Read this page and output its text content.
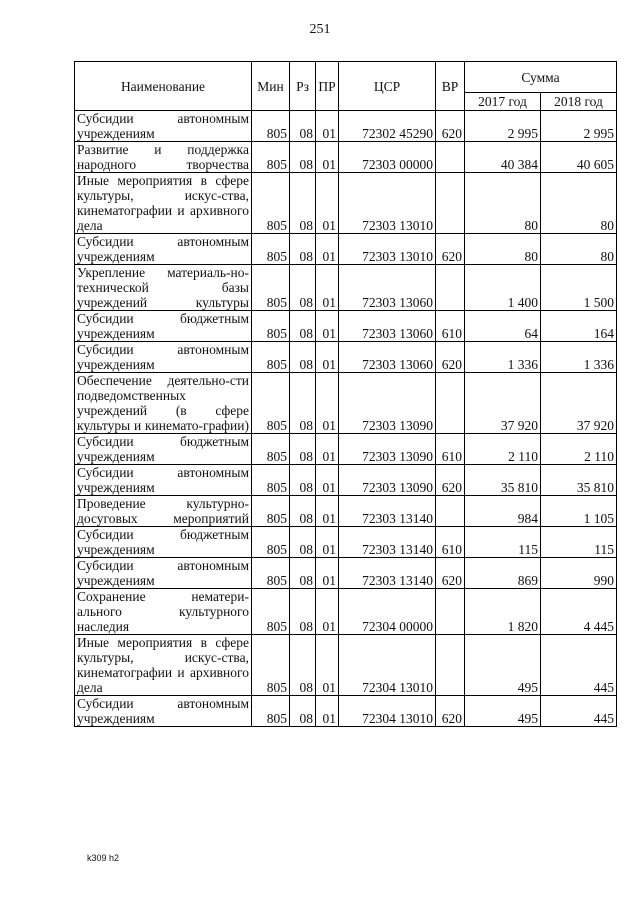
251
Наименование	Мин	Рз	ПР	ЦСР	ВР	Сумма	
						2017 год	2018 год
Субсидии автономным учреждениям	805	08	01	72302 45290	620	2 995	2 995
Развитие и поддержка народного творчества	805	08	01	72303 00000		40 384	40 605
Иные мероприятия в сфере культуры, искус-ства, кинематографии и архивного дела	805	08	01	72303 13010		80	80
Субсидии автономным учреждениям	805	08	01	72303 13010	620	80	80
Укрепление материаль-но-технической базы учреждений культуры	805	08	01	72303 13060		1 400	1 500
Субсидии бюджетным учреждениям	805	08	01	72303 13060	610	64	164
Субсидии автономным учреждениям	805	08	01	72303 13060	620	1 336	1 336
Обеспечение деятельно-сти подведомственных учреждений (в сфере культуры и кинемато-графии)	805	08	01	72303 13090		37 920	37 920
Субсидии бюджетным учреждениям	805	08	01	72303 13090	610	2 110	2 110
Субсидии автономным учреждениям	805	08	01	72303 13090	620	35 810	35 810
Проведение культурно-досуговых мероприятий	805	08	01	72303 13140		984	1 105
Субсидии бюджетным учреждениям	805	08	01	72303 13140	610	115	115
Субсидии автономным учреждениям	805	08	01	72303 13140	620	869	990
Сохранение нематери-ального культурного наследия	805	08	01	72304 00000		1 820	4 445
Иные мероприятия в сфере культуры, искус-ства, кинематографии и архивного дела	805	08	01	72304 13010		495	445
Субсидии автономным учреждениям	805	08	01	72304 13010	620	495	445
k309 h2
